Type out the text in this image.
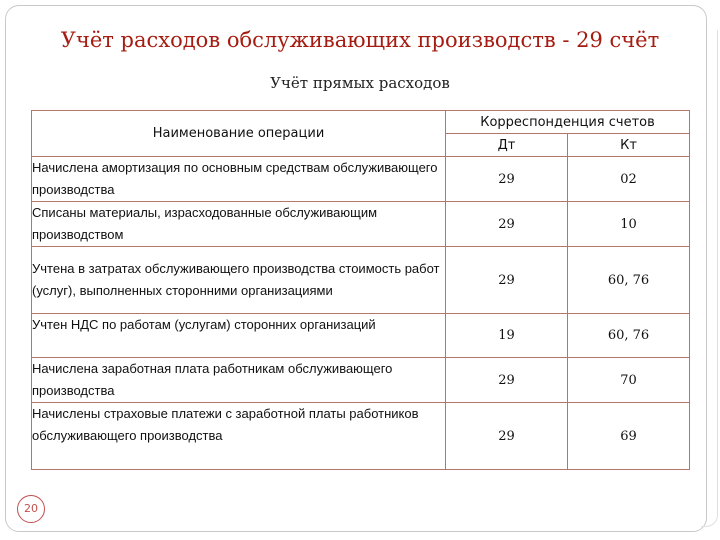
Учёт расходов обслуживающих производств - 29 счёт
Учёт прямых расходов
Наименование операции	Корреспонденция счетов	
	Дт	Кт
Начислена амортизация по основным средствам обслуживающего производства	29	02
Списаны материалы, израсходованные обслуживающим производством	29	10
Учтена в затратах обслуживающего производства стоимость работ (услуг), выполненных сторонними организациями	29	60, 76
Учтен НДС по работам (услугам) сторонних организаций	19	60, 76
Начислена заработная плата работникам обслуживающего производства	29	70
Начислены страховые платежи с заработной платы работников обслуживающего производства	29	69
20
